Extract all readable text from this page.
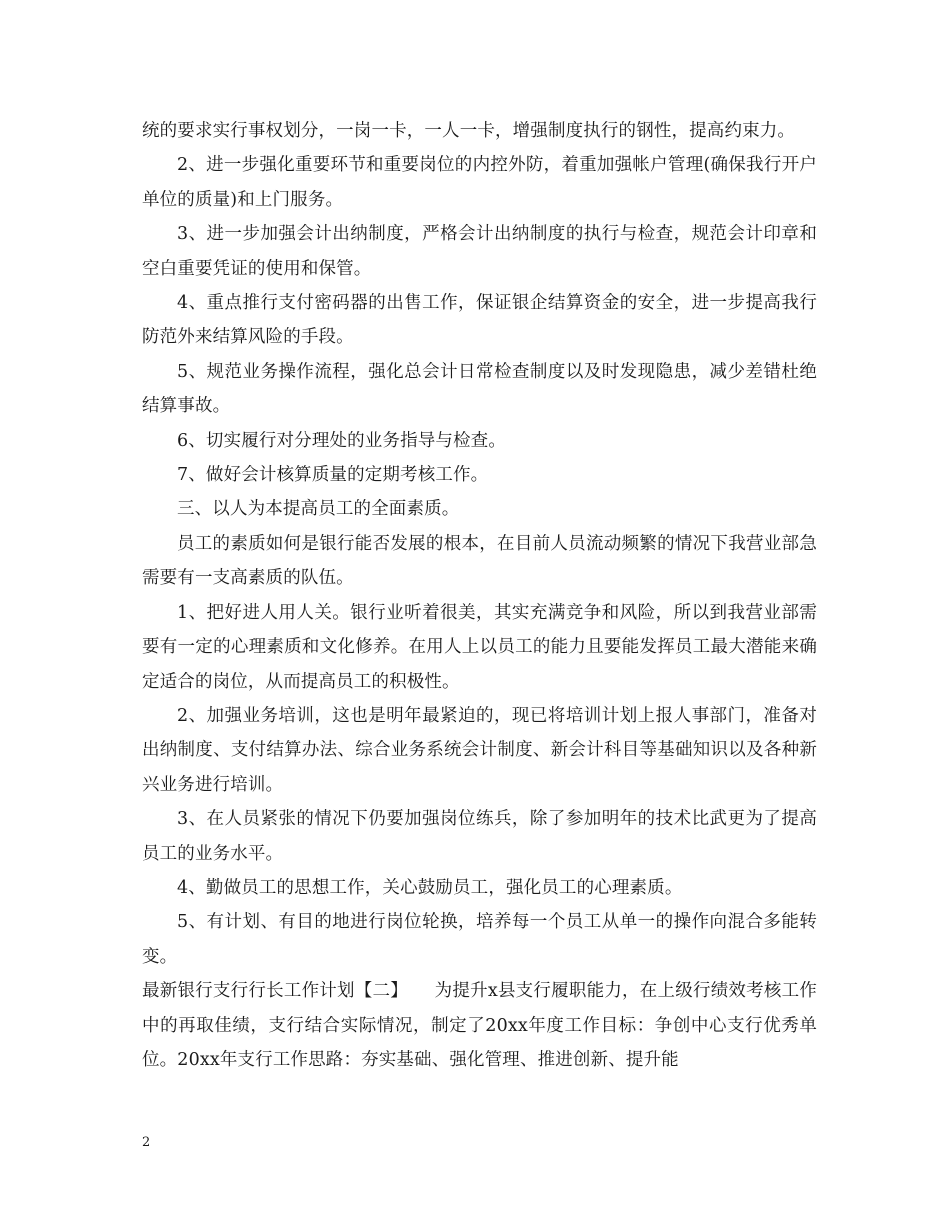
统的要求实行事权划分，一岗一卡，一人一卡，增强制度执行的钢性，提高约束力。

2、进一步强化重要环节和重要岗位的内控外防，着重加强帐户管理(确保我行开户单位的质量)和上门服务。

3、进一步加强会计出纳制度，严格会计出纳制度的执行与检查，规范会计印章和空白重要凭证的使用和保管。

4、重点推行支付密码器的出售工作，保证银企结算资金的安全，进一步提高我行防范外来结算风险的手段。

5、规范业务操作流程，强化总会计日常检查制度以及时发现隐患，减少差错杜绝结算事故。

6、切实履行对分理处的业务指导与检查。

7、做好会计核算质量的定期考核工作。

三、以人为本提高员工的全面素质。

员工的素质如何是银行能否发展的根本，在目前人员流动频繁的情况下我营业部急需要有一支高素质的队伍。

1、把好进人用人关。银行业听着很美，其实充满竞争和风险，所以到我营业部需要有一定的心理素质和文化修养。在用人上以员工的能力且要能发挥员工最大潜能来确定适合的岗位，从而提高员工的积极性。

2、加强业务培训，这也是明年最紧迫的，现已将培训计划上报人事部门，准备对出纳制度、支付结算办法、综合业务系统会计制度、新会计科目等基础知识以及各种新兴业务进行培训。

3、在人员紧张的情况下仍要加强岗位练兵，除了参加明年的技术比武更为了提高员工的业务水平。

4、勤做员工的思想工作，关心鼓励员工，强化员工的心理素质。

5、有计划、有目的地进行岗位轮换，培养每一个员工从单一的操作向混合多能转变。

最新银行支行行长工作计划【二】　　为提升x县支行履职能力，在上级行绩效考核工作中的再取佳绩，支行结合实际情况，制定了20xx年度工作目标：争创中心支行优秀单位。20xx年支行工作思路：夯实基础、强化管理、推进创新、提升能

2
